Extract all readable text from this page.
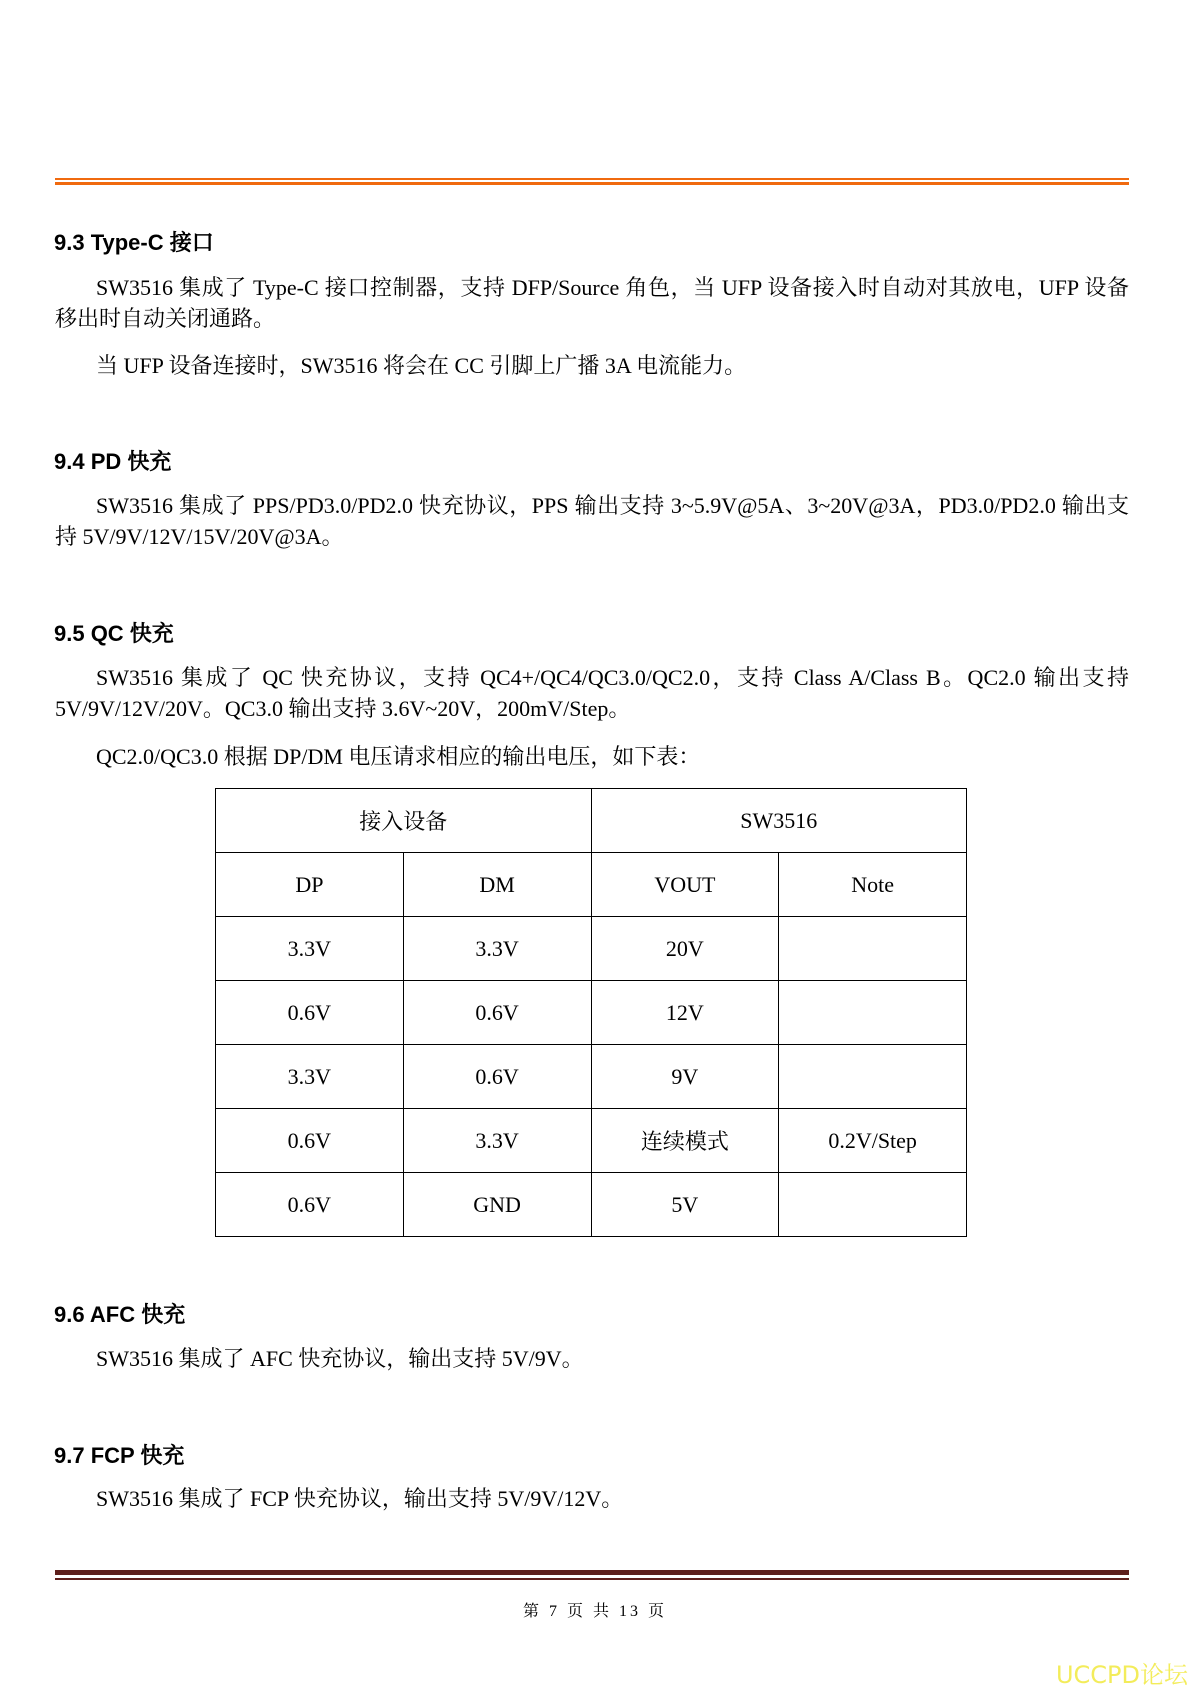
9.3 Type-C 接口

SW3516 集成了 Type-C 接口控制器，支持 DFP/Source 角色，当 UFP 设备接入时自动对其放电，UFP 设备移出时自动关闭通路。

当 UFP 设备连接时，SW3516 将会在 CC 引脚上广播 3A 电流能力。

9.4 PD 快充

SW3516 集成了 PPS/PD3.0/PD2.0 快充协议，PPS 输出支持 3~5.9V@5A、3~20V@3A，PD3.0/PD2.0 输出支持 5V/9V/12V/15V/20V@3A。

9.5 QC 快充

SW3516 集成了 QC 快充协议，支持 QC4+/QC4/QC3.0/QC2.0，支持 Class A/Class B。QC2.0 输出支持 5V/9V/12V/20V。QC3.0 输出支持 3.6V~20V，200mV/Step。

QC2.0/QC3.0 根据 DP/DM 电压请求相应的输出电压，如下表：

接入设备		SW3516	
DP	DM	VOUT	Note
3.3V	3.3V	20V	
0.6V	0.6V	12V	
3.3V	0.6V	9V	
0.6V	3.3V	连续模式	0.2V/Step
0.6V	GND	5V	
9.6 AFC 快充

SW3516 集成了 AFC 快充协议，输出支持 5V/9V。

9.7 FCP 快充

SW3516 集成了 FCP 快充协议，输出支持 5V/9V/12V。

第 7 页 共 13 页
UCCPD论坛
